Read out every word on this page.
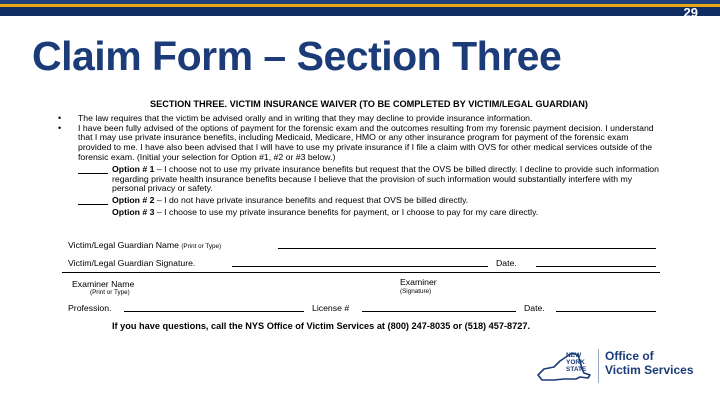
29
Claim Form – Section Three
SECTION THREE. VICTIM INSURANCE WAIVER (TO BE COMPLETED BY VICTIM/LEGAL GUARDIAN)
•	The law requires that the victim be advised orally and in writing that they may decline to provide insurance information.
•	I have been fully advised of the options of payment for the forensic exam and the outcomes resulting from my forensic payment decision. I understand that I may use private insurance benefits, including Medicaid, Medicare, HMO or any other insurance program for payment of the forensic exam provided to me. I have also been advised that I will have to use my private insurance if I file a claim with OVS for other medical services outside of the forensic exam. (Initial your selection for Option #1, #2 or #3 below.)
Option # 1 – I choose not to use my private insurance benefits but request that the OVS be billed directly. I decline to provide such information regarding private health insurance benefits because I believe that the provision of such information would substantially interfere with my personal privacy or safety.
Option # 2 – I do not have private insurance benefits and request that OVS be billed directly.
Option # 3 – I choose to use my private insurance benefits for payment, or I choose to pay for my care directly.
Victim/Legal Guardian Name (Print or Type)
Victim/Legal Guardian Signature.	Date.
Examiner Name
(Print or Type)
Examiner
(Signature)
Profession.	License #	Date.
If you have questions, call the NYS Office of Victim Services at (800) 247-8035 or (518) 457-8727.
NEW
YORK
STATE
Office of
Victim Services
